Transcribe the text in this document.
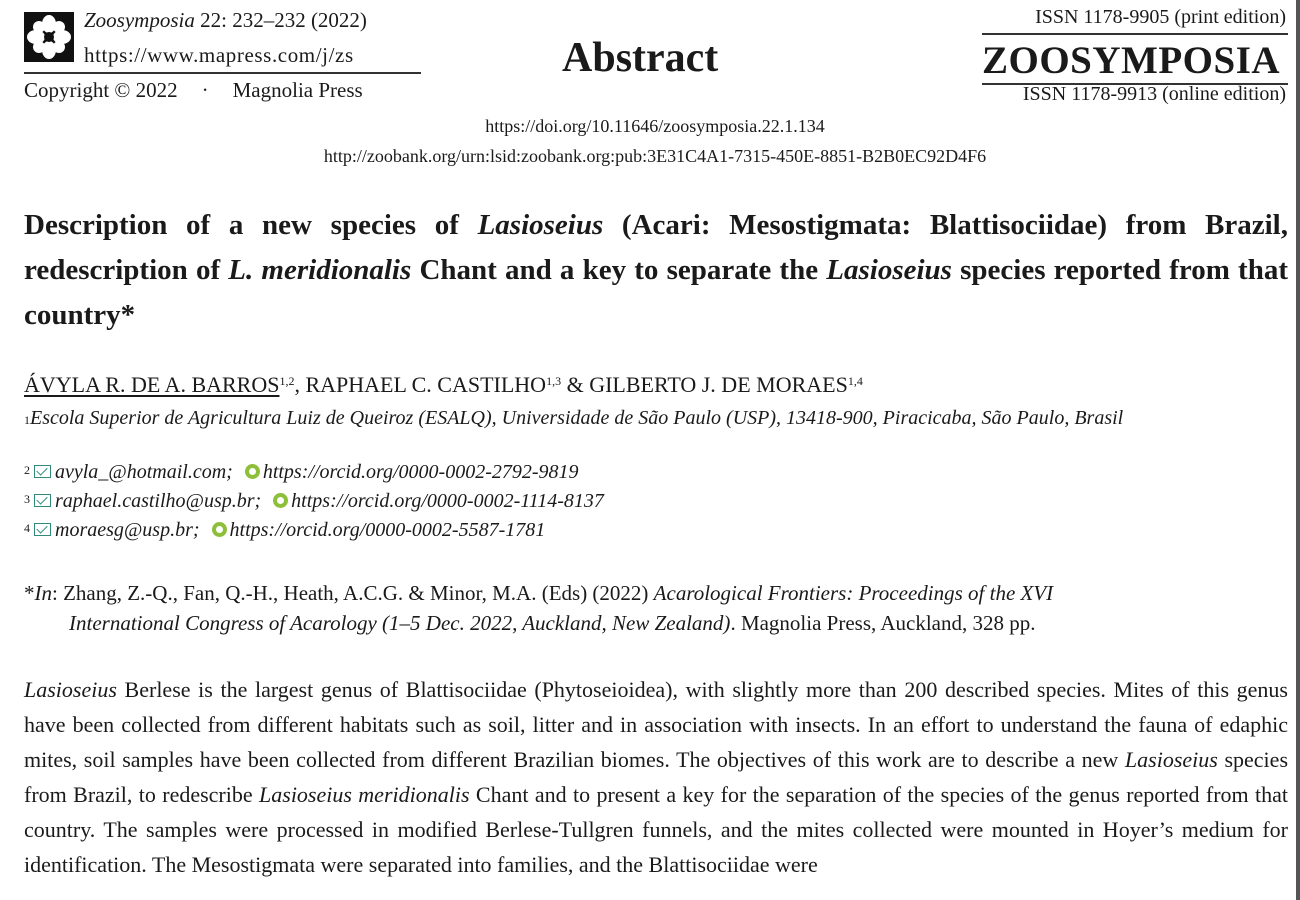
Zoosymposia 22: 232–232 (2022)
https://www.mapress.com/j/zs
Copyright © 2022 · Magnolia Press
Abstract
ISSN 1178-9905 (print edition)
ZOOSYMPOSIA
ISSN 1178-9913 (online edition)
https://doi.org/10.11646/zoosymposia.22.1.134
http://zoobank.org/urn:lsid:zoobank.org:pub:3E31C4A1-7315-450E-8851-B2B0EC92D4F6
Description of a new species of Lasioseius (Acari: Mesostigmata: Blattisociidae) from Brazil, redescription of L. meridionalis Chant and a key to separate the Lasioseius species reported from that country*
ÁVYLA R. DE A. BARROS$^{1,2}$, RAPHAEL C. CASTILHO$^{1,3}$ & GILBERTO J. DE MORAES$^{1,4}$
$^1$Escola Superior de Agricultura Luiz de Queiroz (ESALQ), Universidade de São Paulo (USP), 13418-900, Piracicaba, São Paulo, Brasil
$^2$ avyla_@hotmail.com; https://orcid.org/0000-0002-2792-9819
$^3$ raphael.castilho@usp.br; https://orcid.org/0000-0002-1114-8137
$^4$ moraesg@usp.br; https://orcid.org/0000-0002-5587-1781
*In: Zhang, Z.-Q., Fan, Q.-H., Heath, A.C.G. & Minor, M.A. (Eds) (2022) Acarological Frontiers: Proceedings of the XVI
International Congress of Acarology (1–5 Dec. 2022, Auckland, New Zealand). Magnolia Press, Auckland, 328 pp.

Lasioseius Berlese is the largest genus of Blattisociidae (Phytoseioidea), with slightly more than 200 described species. Mites of this genus have been collected from different habitats such as soil, litter and in association with insects. In an effort to understand the fauna of edaphic mites, soil samples have been collected from different Brazilian biomes. The objectives of this work are to describe a new Lasioseius species from Brazil, to redescribe Lasioseius meridionalis Chant and to present a key for the separation of the species of the genus reported from that country. The samples were processed in modified Berlese-Tullgren funnels, and the mites collected were mounted in Hoyer’s medium for identification. The Mesostigmata were separated into families, and the Blattisociidae were
